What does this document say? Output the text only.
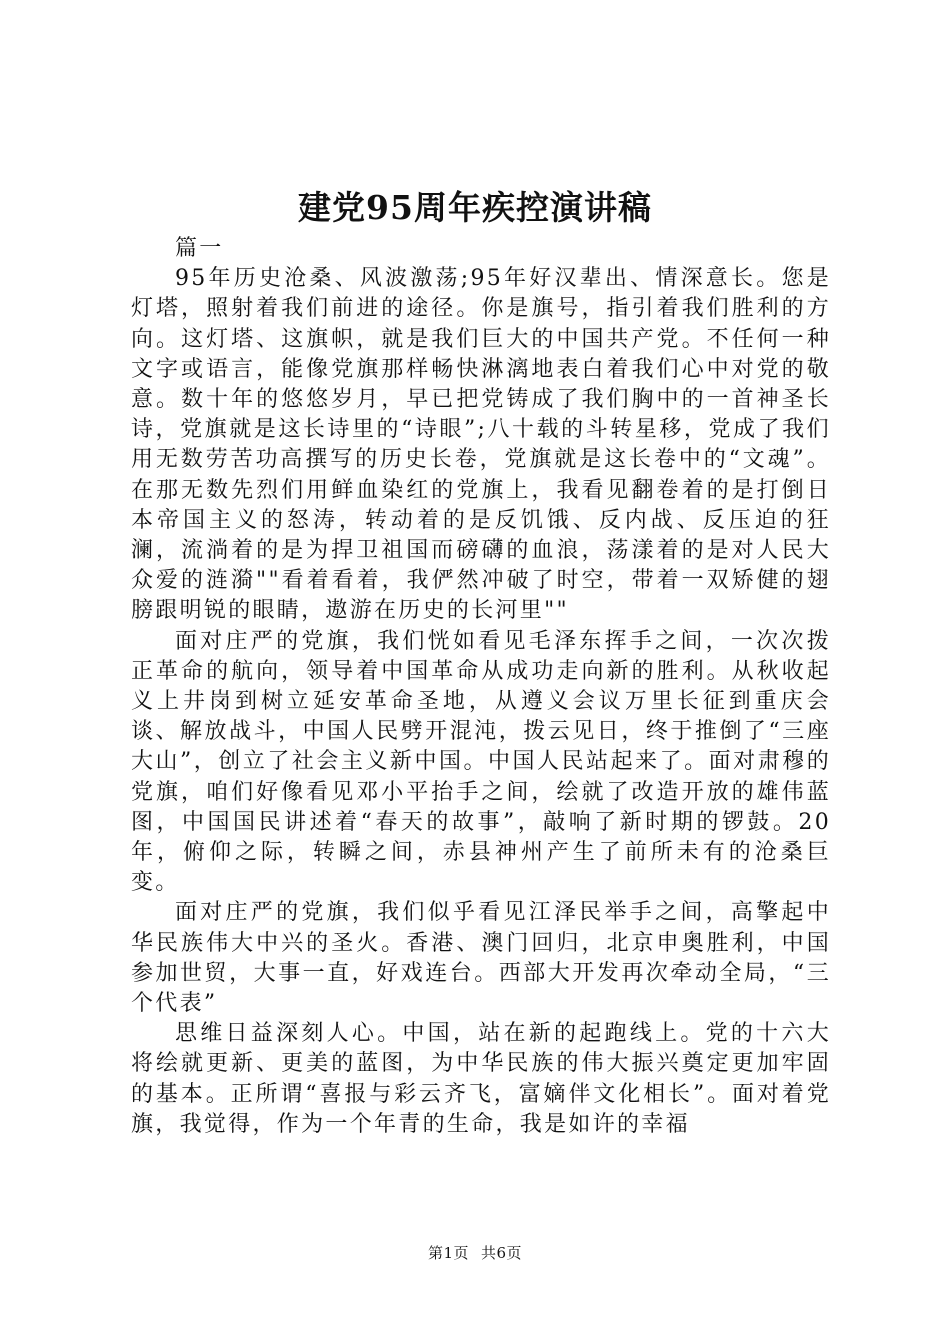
建党95周年疾控演讲稿

篇一

95年历史沧桑、风波激荡;95年好汉辈出、情深意长。您是灯塔，照射着我们前进的途径。你是旗号，指引着我们胜利的方向。这灯塔、这旗帜，就是我们巨大的中国共产党。不任何一种文字或语言，能像党旗那样畅快淋漓地表白着我们心中对党的敬意。数十年的悠悠岁月，早已把党铸成了我们胸中的一首神圣长诗，党旗就是这长诗里的“诗眼”;八十载的斗转星移，党成了我们用无数劳苦功高撰写的历史长卷，党旗就是这长卷中的“文魂”。在那无数先烈们用鲜血染红的党旗上，我看见翻卷着的是打倒日本帝国主义的怒涛，转动着的是反饥饿、反内战、反压迫的狂澜，流淌着的是为捍卫祖国而磅礴的血浪，荡漾着的是对人民大众爱的涟漪""看着看着，我俨然冲破了时空，带着一双矫健的翅膀跟明锐的眼睛，遨游在历史的长河里""

面对庄严的党旗，我们恍如看见毛泽东挥手之间，一次次拨正革命的航向，领导着中国革命从成功走向新的胜利。从秋收起义上井岗到树立延安革命圣地，从遵义会议万里长征到重庆会谈、解放战斗，中国人民劈开混沌，拨云见日，终于推倒了“三座大山”，创立了社会主义新中国。中国人民站起来了。面对肃穆的党旗，咱们好像看见邓小平抬手之间，绘就了改造开放的雄伟蓝图，中国国民讲述着“春天的故事”，敲响了新时期的锣鼓。20年，俯仰之际，转瞬之间，赤县神州产生了前所未有的沧桑巨变。

面对庄严的党旗，我们似乎看见江泽民举手之间，高擎起中华民族伟大中兴的圣火。香港、澳门回归，北京申奥胜利，中国参加世贸，大事一直，好戏连台。西部大开发再次牵动全局，“三个代表”

思维日益深刻人心。中国，站在新的起跑线上。党的十六大将绘就更新、更美的蓝图，为中华民族的伟大振兴奠定更加牢固的基本。正所谓“喜报与彩云齐飞，富嫡伴文化相长”。面对着党旗，我觉得，作为一个年青的生命，我是如许的幸福

第1页 共6页
